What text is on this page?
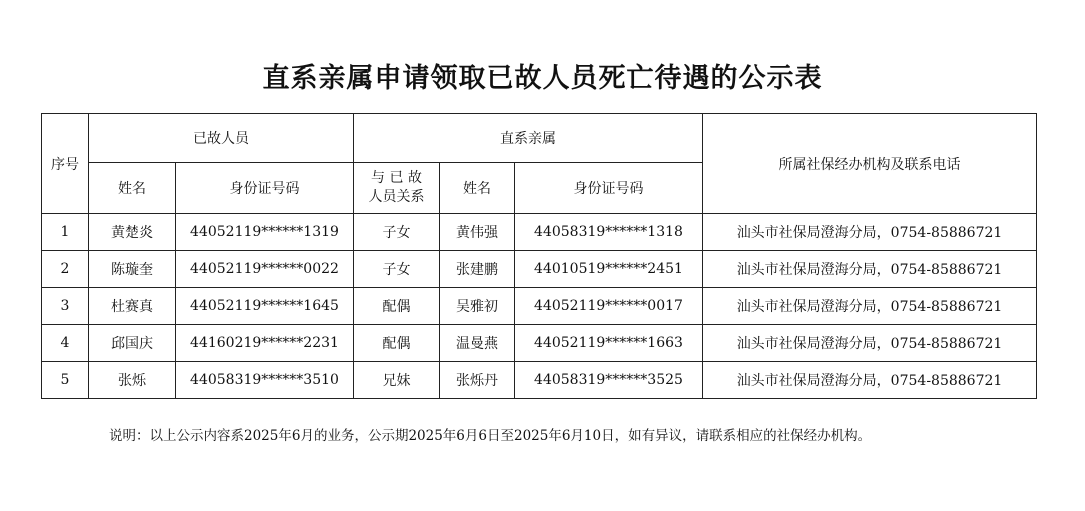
直系亲属申请领取已故人员死亡待遇的公示表
序号	已故人员		直系亲属			所属社保经办机构及联系电话
	姓名	身份证号码	与 已 故
人员关系	姓名	身份证号码	
1	黄楚炎	44052119******1319	子女	黄伟强	44058319******1318	汕头市社保局澄海分局，0754-85886721
2	陈璇奎	44052119******0022	子女	张建鹏	44010519******2451	汕头市社保局澄海分局，0754-85886721
3	杜赛真	44052119******1645	配偶	吴雅初	44052119******0017	汕头市社保局澄海分局，0754-85886721
4	邱国庆	44160219******2231	配偶	温曼燕	44052119******1663	汕头市社保局澄海分局，0754-85886721
5	张烁	44058319******3510	兄妹	张烁丹	44058319******3525	汕头市社保局澄海分局，0754-85886721
说明：以上公示内容系2025年6月的业务，公示期2025年6月6日至2025年6月10日，如有异议，请联系相应的社保经办机构。
